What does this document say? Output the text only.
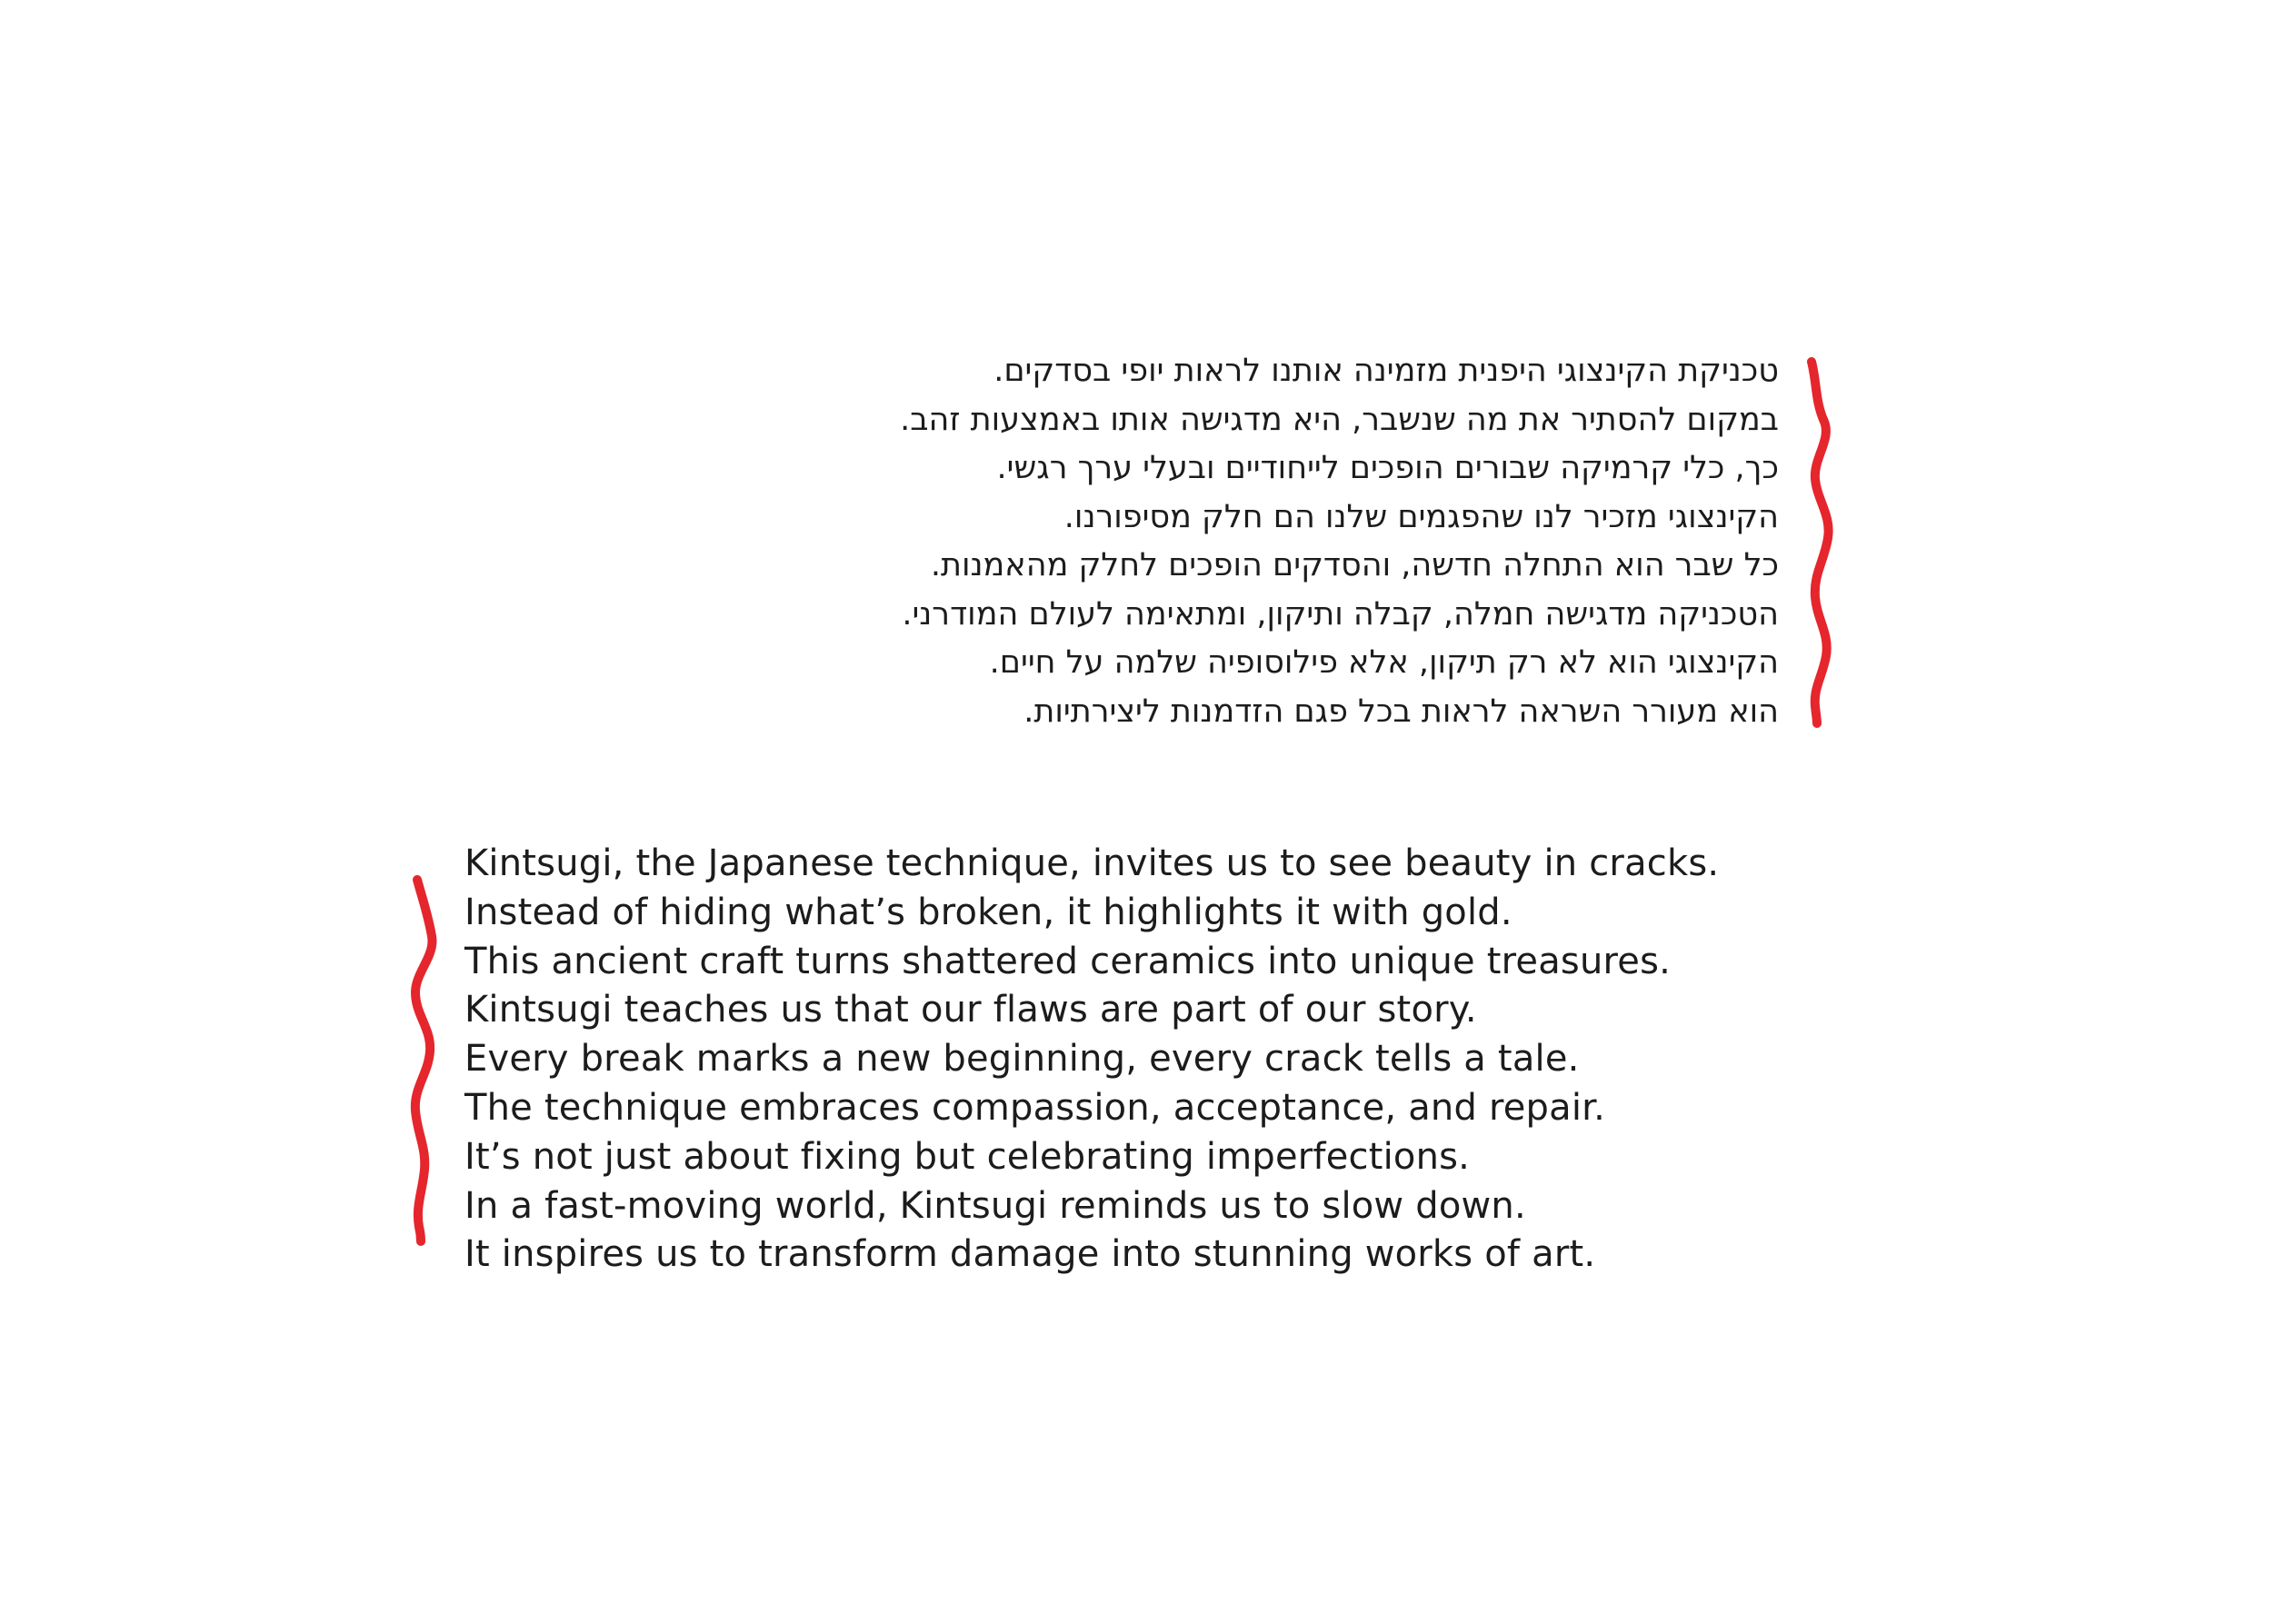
טכניקת הקינצוגי היפנית מזמינה אותנו לראות יופי בסדקים.
במקום להסתיר את מה שנשבר, היא מדגישה אותו באמצעות זהב.
כך, כלי קרמיקה שבורים הופכים לייחודיים ובעלי ערך רגשי.
הקינצוגי מזכיר לנו שהפגמים שלנו הם חלק מסיפורנו.
כל שבר הוא התחלה חדשה, והסדקים הופכים לחלק מהאמנות.
הטכניקה מדגישה חמלה, קבלה ותיקון, ומתאימה לעולם המודרני.
הקינצוגי הוא לא רק תיקון, אלא פילוסופיה שלמה על חיים.
הוא מעורר השראה לראות בכל פגם הזדמנות ליצירתיות.
Kintsugi, the Japanese technique, invites us to see beauty in cracks.
Instead of hiding what’s broken, it highlights it with gold.
This ancient craft turns shattered ceramics into unique treasures.
Kintsugi teaches us that our flaws are part of our story.
Every break marks a new beginning, every crack tells a tale.
The technique embraces compassion, acceptance, and repair.
It’s not just about fixing but celebrating imperfections.
In a fast-moving world, Kintsugi reminds us to slow down.
It inspires us to transform damage into stunning works of art.
